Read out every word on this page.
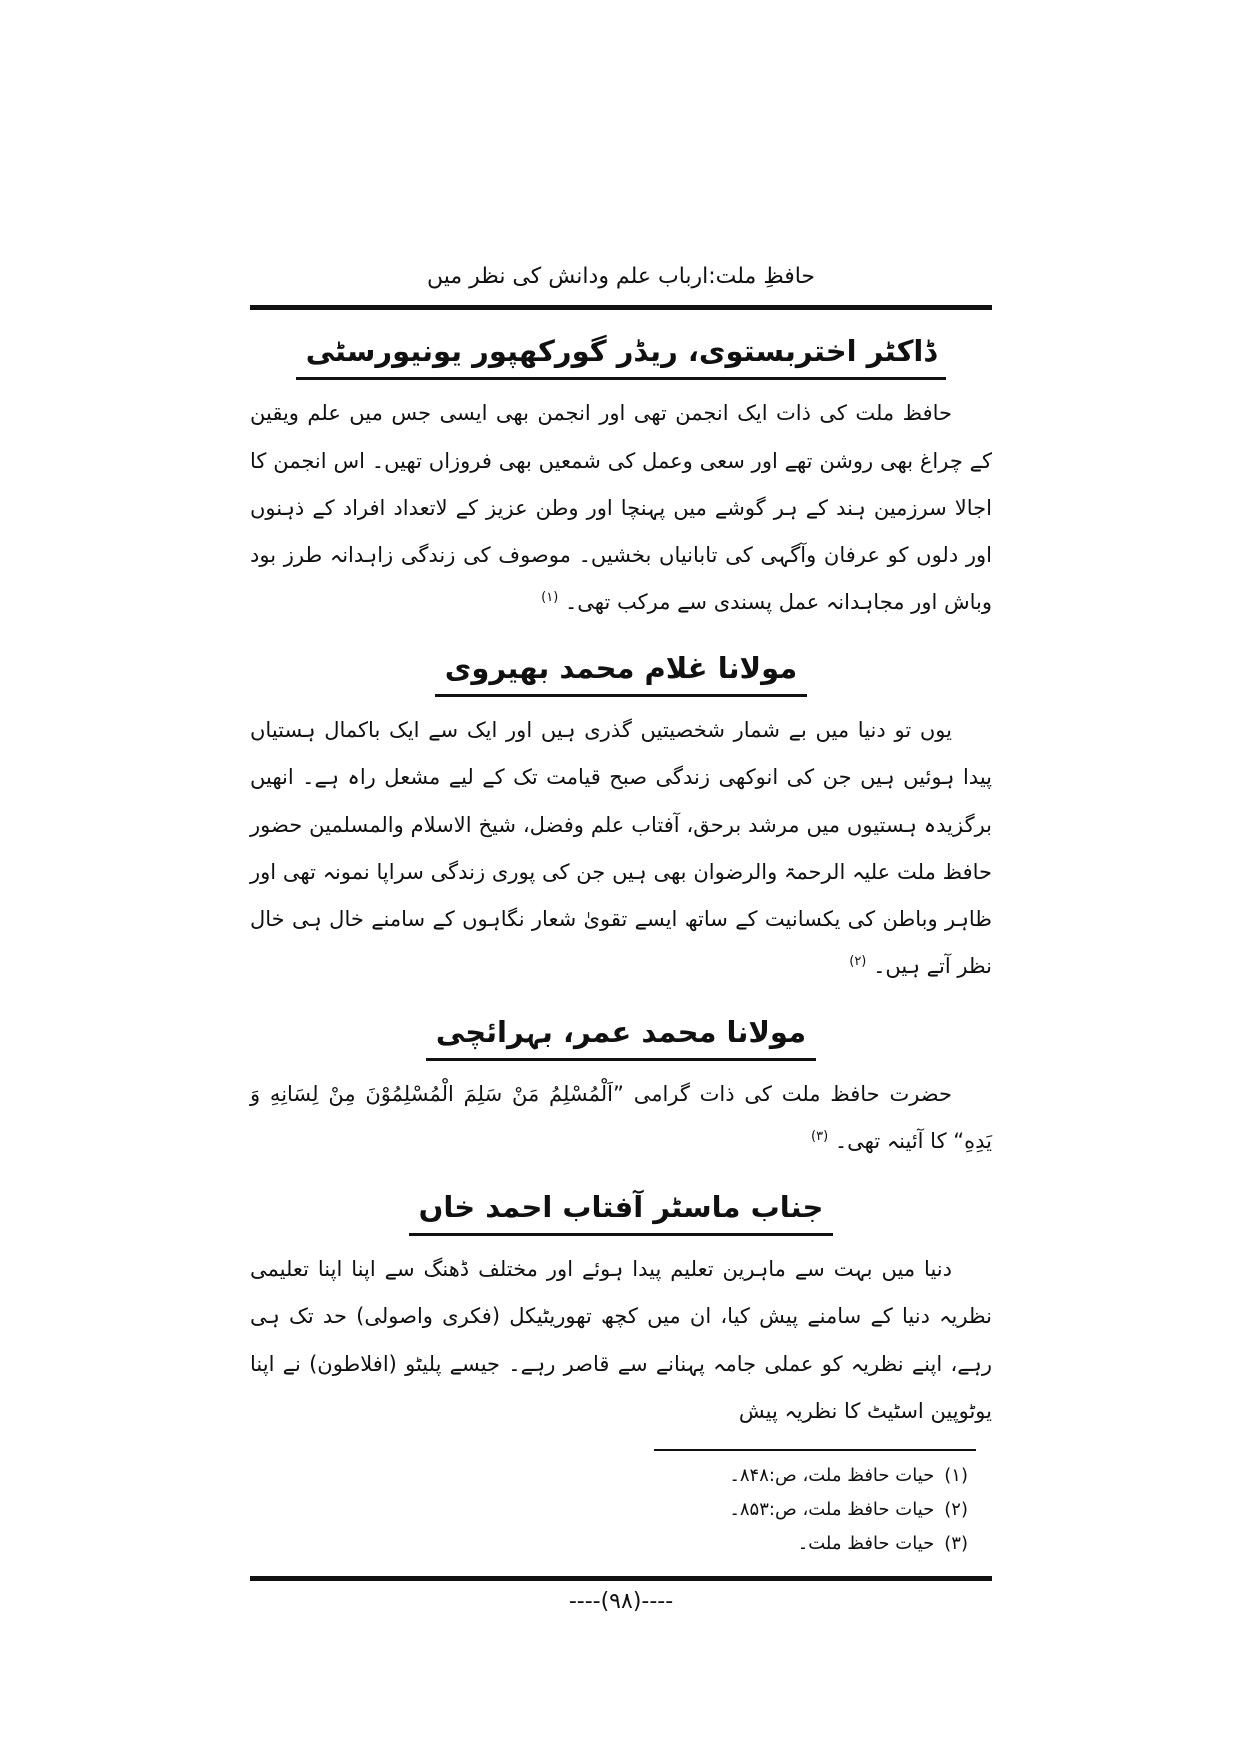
حافظِ ملت:ارباب علم ودانش کی نظر میں
ڈاکٹر اختربستوی، ریڈر گورکھپور یونیورسٹی

حافظ ملت کی ذات ایک انجمن تھی اور انجمن بھی ایسی جس میں علم ویقین کے چراغ بھی روشن تھے اور سعی وعمل کی شمعیں بھی فروزاں تھیں۔ اس انجمن کا اجالا سرزمین ہند کے ہر گوشے میں پہنچا اور وطن عزیز کے لاتعداد افراد کے ذہنوں اور دلوں کو عرفان وآگہی کی تابانیاں بخشیں۔ موصوف کی زندگی زاہدانہ طرز بود وباش اور مجاہدانہ عمل پسندی سے مرکب تھی۔ $^{(۱)}$

مولانا غلام محمد بھیروی

یوں تو دنیا میں بے شمار شخصیتیں گذری ہیں اور ایک سے ایک باکمال ہستیاں پیدا ہوئیں ہیں جن کی انوکھی زندگی صبح قیامت تک کے لیے مشعل راہ ہے۔ انھیں برگزیدہ ہستیوں میں مرشد برحق، آفتاب علم وفضل، شیخ الاسلام والمسلمین حضور حافظ ملت علیہ الرحمۃ والرضوان بھی ہیں جن کی پوری زندگی سراپا نمونہ تھی اور ظاہر وباطن کی یکسانیت کے ساتھ ایسے تقویٰ شعار نگاہوں کے سامنے خال ہی خال نظر آتے ہیں۔ $^{(۲)}$

مولانا محمد عمر، بہرائچی

حضرت حافظ ملت کی ذات گرامی ”اَلْمُسْلِمُ مَنْ سَلِمَ الْمُسْلِمُوْنَ مِنْ لِسَانِهِ وَ یَدِهِ“ کا آئینہ تھی۔ $^{(۳)}$

جناب ماسٹر آفتاب احمد خاں

دنیا میں بہت سے ماہرین تعلیم پیدا ہوئے اور مختلف ڈھنگ سے اپنا اپنا تعلیمی نظریہ دنیا کے سامنے پیش کیا، ان میں کچھ تھوریٹیکل (فکری واصولی) حد تک ہی رہے، اپنے نظریہ کو عملی جامہ پہنانے سے قاصر رہے۔ جیسے پلیٹو (افلاطون) نے اپنا یوٹوپین اسٹیٹ کا نظریہ پیش

(۱)حیات حافظ ملت، ص:۸۴۸۔
(۲)حیات حافظ ملت، ص:۸۵۳۔
(۳)حیات حافظ ملت۔
----(۹۸)----
